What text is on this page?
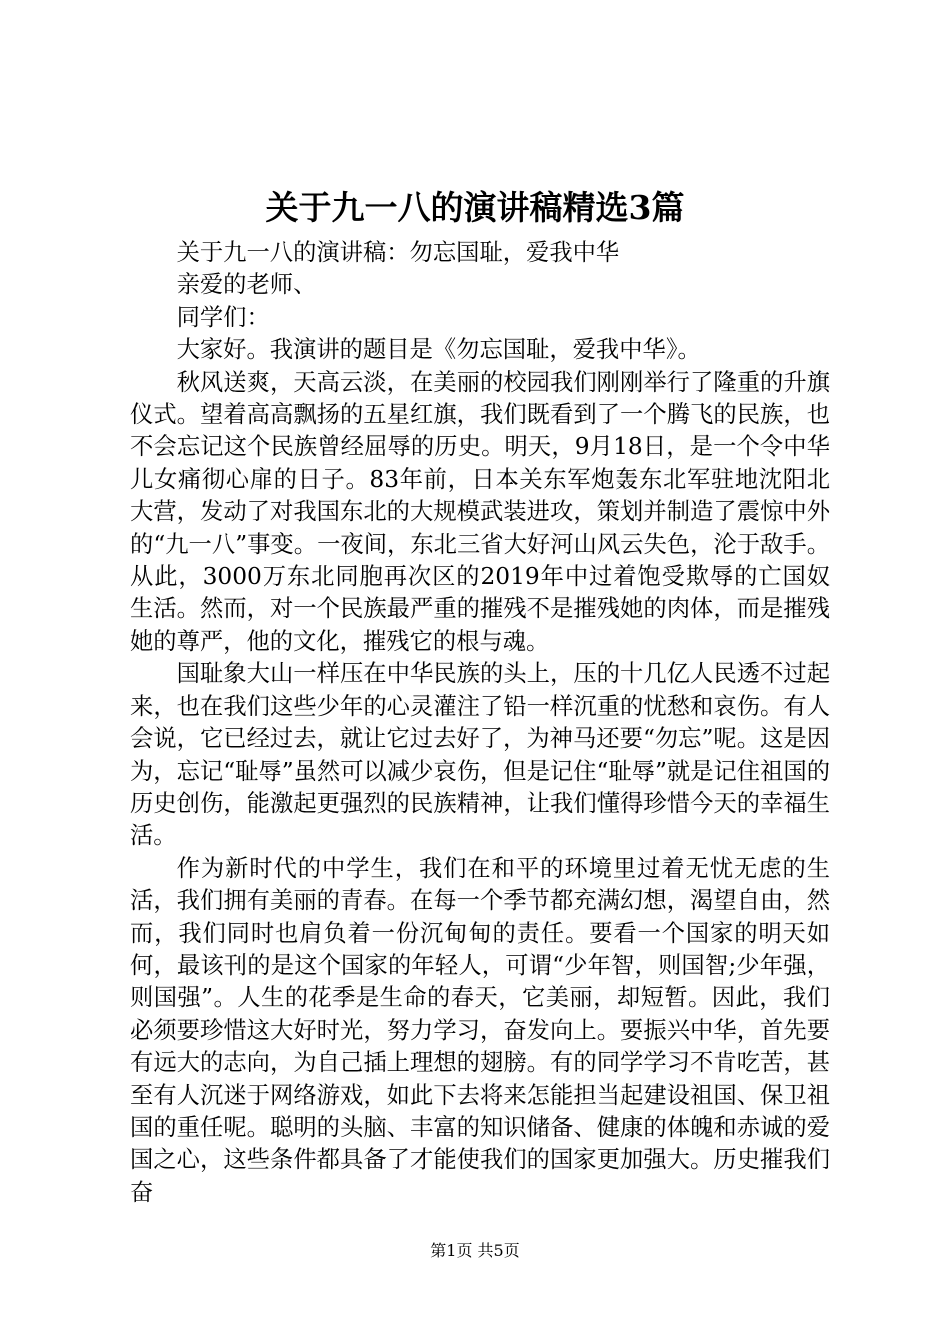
关于九一八的演讲稿精选3篇

关于九一八的演讲稿：勿忘国耻，爱我中华

亲爱的老师、

同学们：

大家好。我演讲的题目是《勿忘国耻，爱我中华》。

秋风送爽，天高云淡，在美丽的校园我们刚刚举行了隆重的升旗仪式。望着高高飘扬的五星红旗，我们既看到了一个腾飞的民族，也不会忘记这个民族曾经屈辱的历史。明天，9月18日，是一个令中华儿女痛彻心扉的日子。83年前，日本关东军炮轰东北军驻地沈阳北大营，发动了对我国东北的大规模武装进攻，策划并制造了震惊中外的“九一八”事变。一夜间，东北三省大好河山风云失色，沦于敌手。从此，3000万东北同胞再次区的2019年中过着饱受欺辱的亡国奴生活。然而，对一个民族最严重的摧残不是摧残她的肉体，而是摧残她的尊严，他的文化，摧残它的根与魂。

国耻象大山一样压在中华民族的头上，压的十几亿人民透不过起来，也在我们这些少年的心灵灌注了铅一样沉重的忧愁和哀伤。有人会说，它已经过去，就让它过去好了，为神马还要“勿忘”呢。这是因为，忘记“耻辱”虽然可以减少哀伤，但是记住“耻辱”就是记住祖国的历史创伤，能激起更强烈的民族精神，让我们懂得珍惜今天的幸福生活。

作为新时代的中学生，我们在和平的环境里过着无忧无虑的生活，我们拥有美丽的青春。在每一个季节都充满幻想，渴望自由，然而，我们同时也肩负着一份沉甸甸的责任。要看一个国家的明天如何，最该刊的是这个国家的年轻人，可谓“少年智，则国智;少年强，则国强”。人生的花季是生命的春天，它美丽，却短暂。因此，我们必须要珍惜这大好时光，努力学习，奋发向上。要振兴中华，首先要有远大的志向，为自己插上理想的翅膀。有的同学学习不肯吃苦，甚至有人沉迷于网络游戏，如此下去将来怎能担当起建设祖国、保卫祖国的重任呢。聪明的头脑、丰富的知识储备、健康的体魄和赤诚的爱国之心，这些条件都具备了才能使我们的国家更加强大。历史摧我们奋

第1页 共5页
